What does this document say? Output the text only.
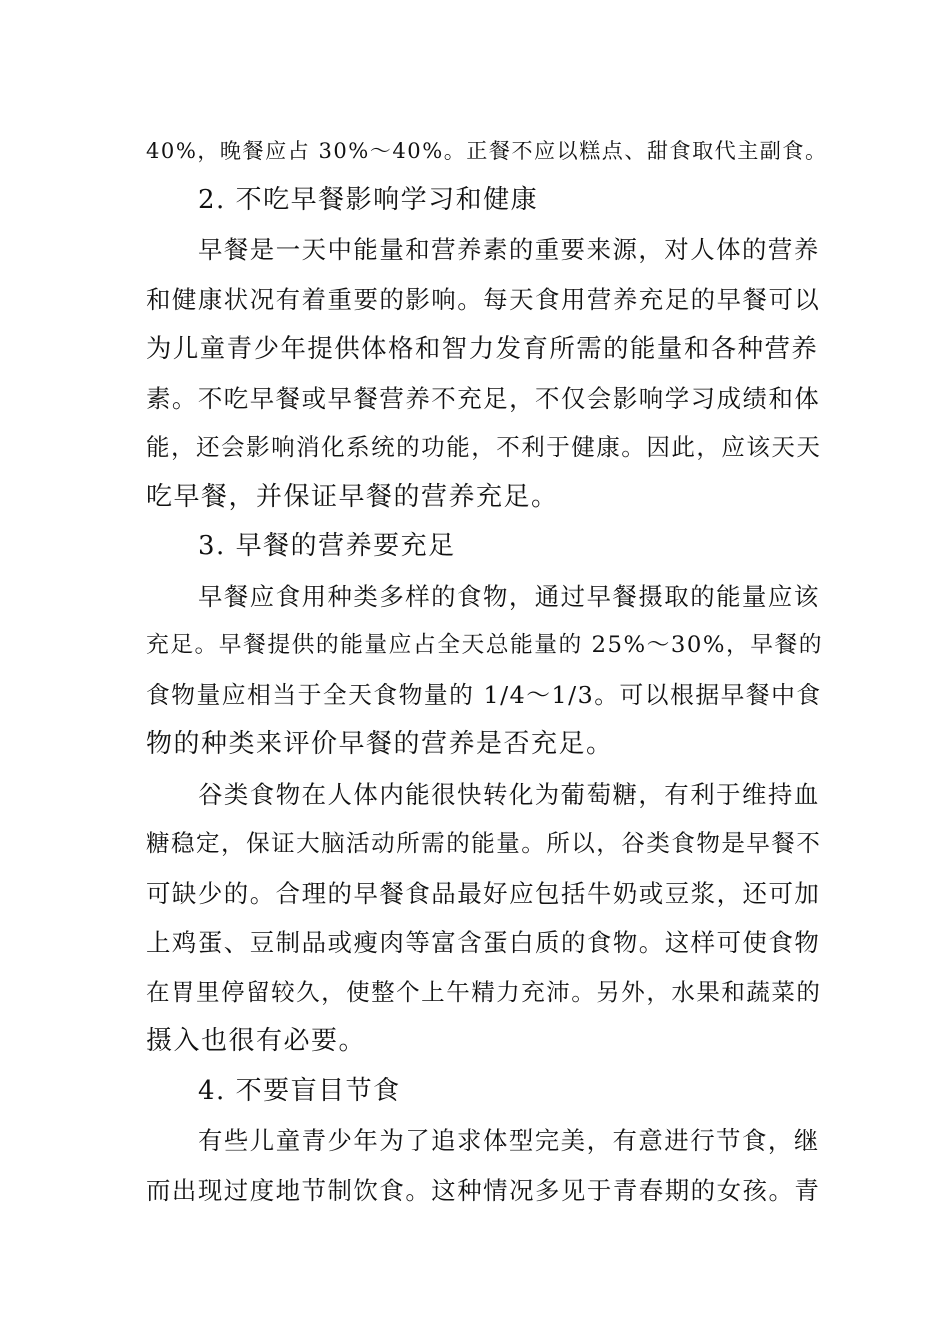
40%，晚餐应占 30%～40%。正餐不应以糕点、甜食取代主副食。
2. 不吃早餐影响学习和健康
早餐是一天中能量和营养素的重要来源，对人体的营养
和健康状况有着重要的影响。每天食用营养充足的早餐可以
为儿童青少年提供体格和智力发育所需的能量和各种营养
素。不吃早餐或早餐营养不充足，不仅会影响学习成绩和体
能，还会影响消化系统的功能，不利于健康。因此，应该天天
吃早餐，并保证早餐的营养充足。
3. 早餐的营养要充足
早餐应食用种类多样的食物，通过早餐摄取的能量应该
充足。早餐提供的能量应占全天总能量的 25%～30%，早餐的
食物量应相当于全天食物量的 1/4～1/3。可以根据早餐中食
物的种类来评价早餐的营养是否充足。
谷类食物在人体内能很快转化为葡萄糖，有利于维持血
糖稳定，保证大脑活动所需的能量。所以，谷类食物是早餐不
可缺少的。合理的早餐食品最好应包括牛奶或豆浆，还可加
上鸡蛋、豆制品或瘦肉等富含蛋白质的食物。这样可使食物
在胃里停留较久，使整个上午精力充沛。另外，水果和蔬菜的
摄入也很有必要。
4. 不要盲目节食
有些儿童青少年为了追求体型完美，有意进行节食，继
而出现过度地节制饮食。这种情况多见于青春期的女孩。青
